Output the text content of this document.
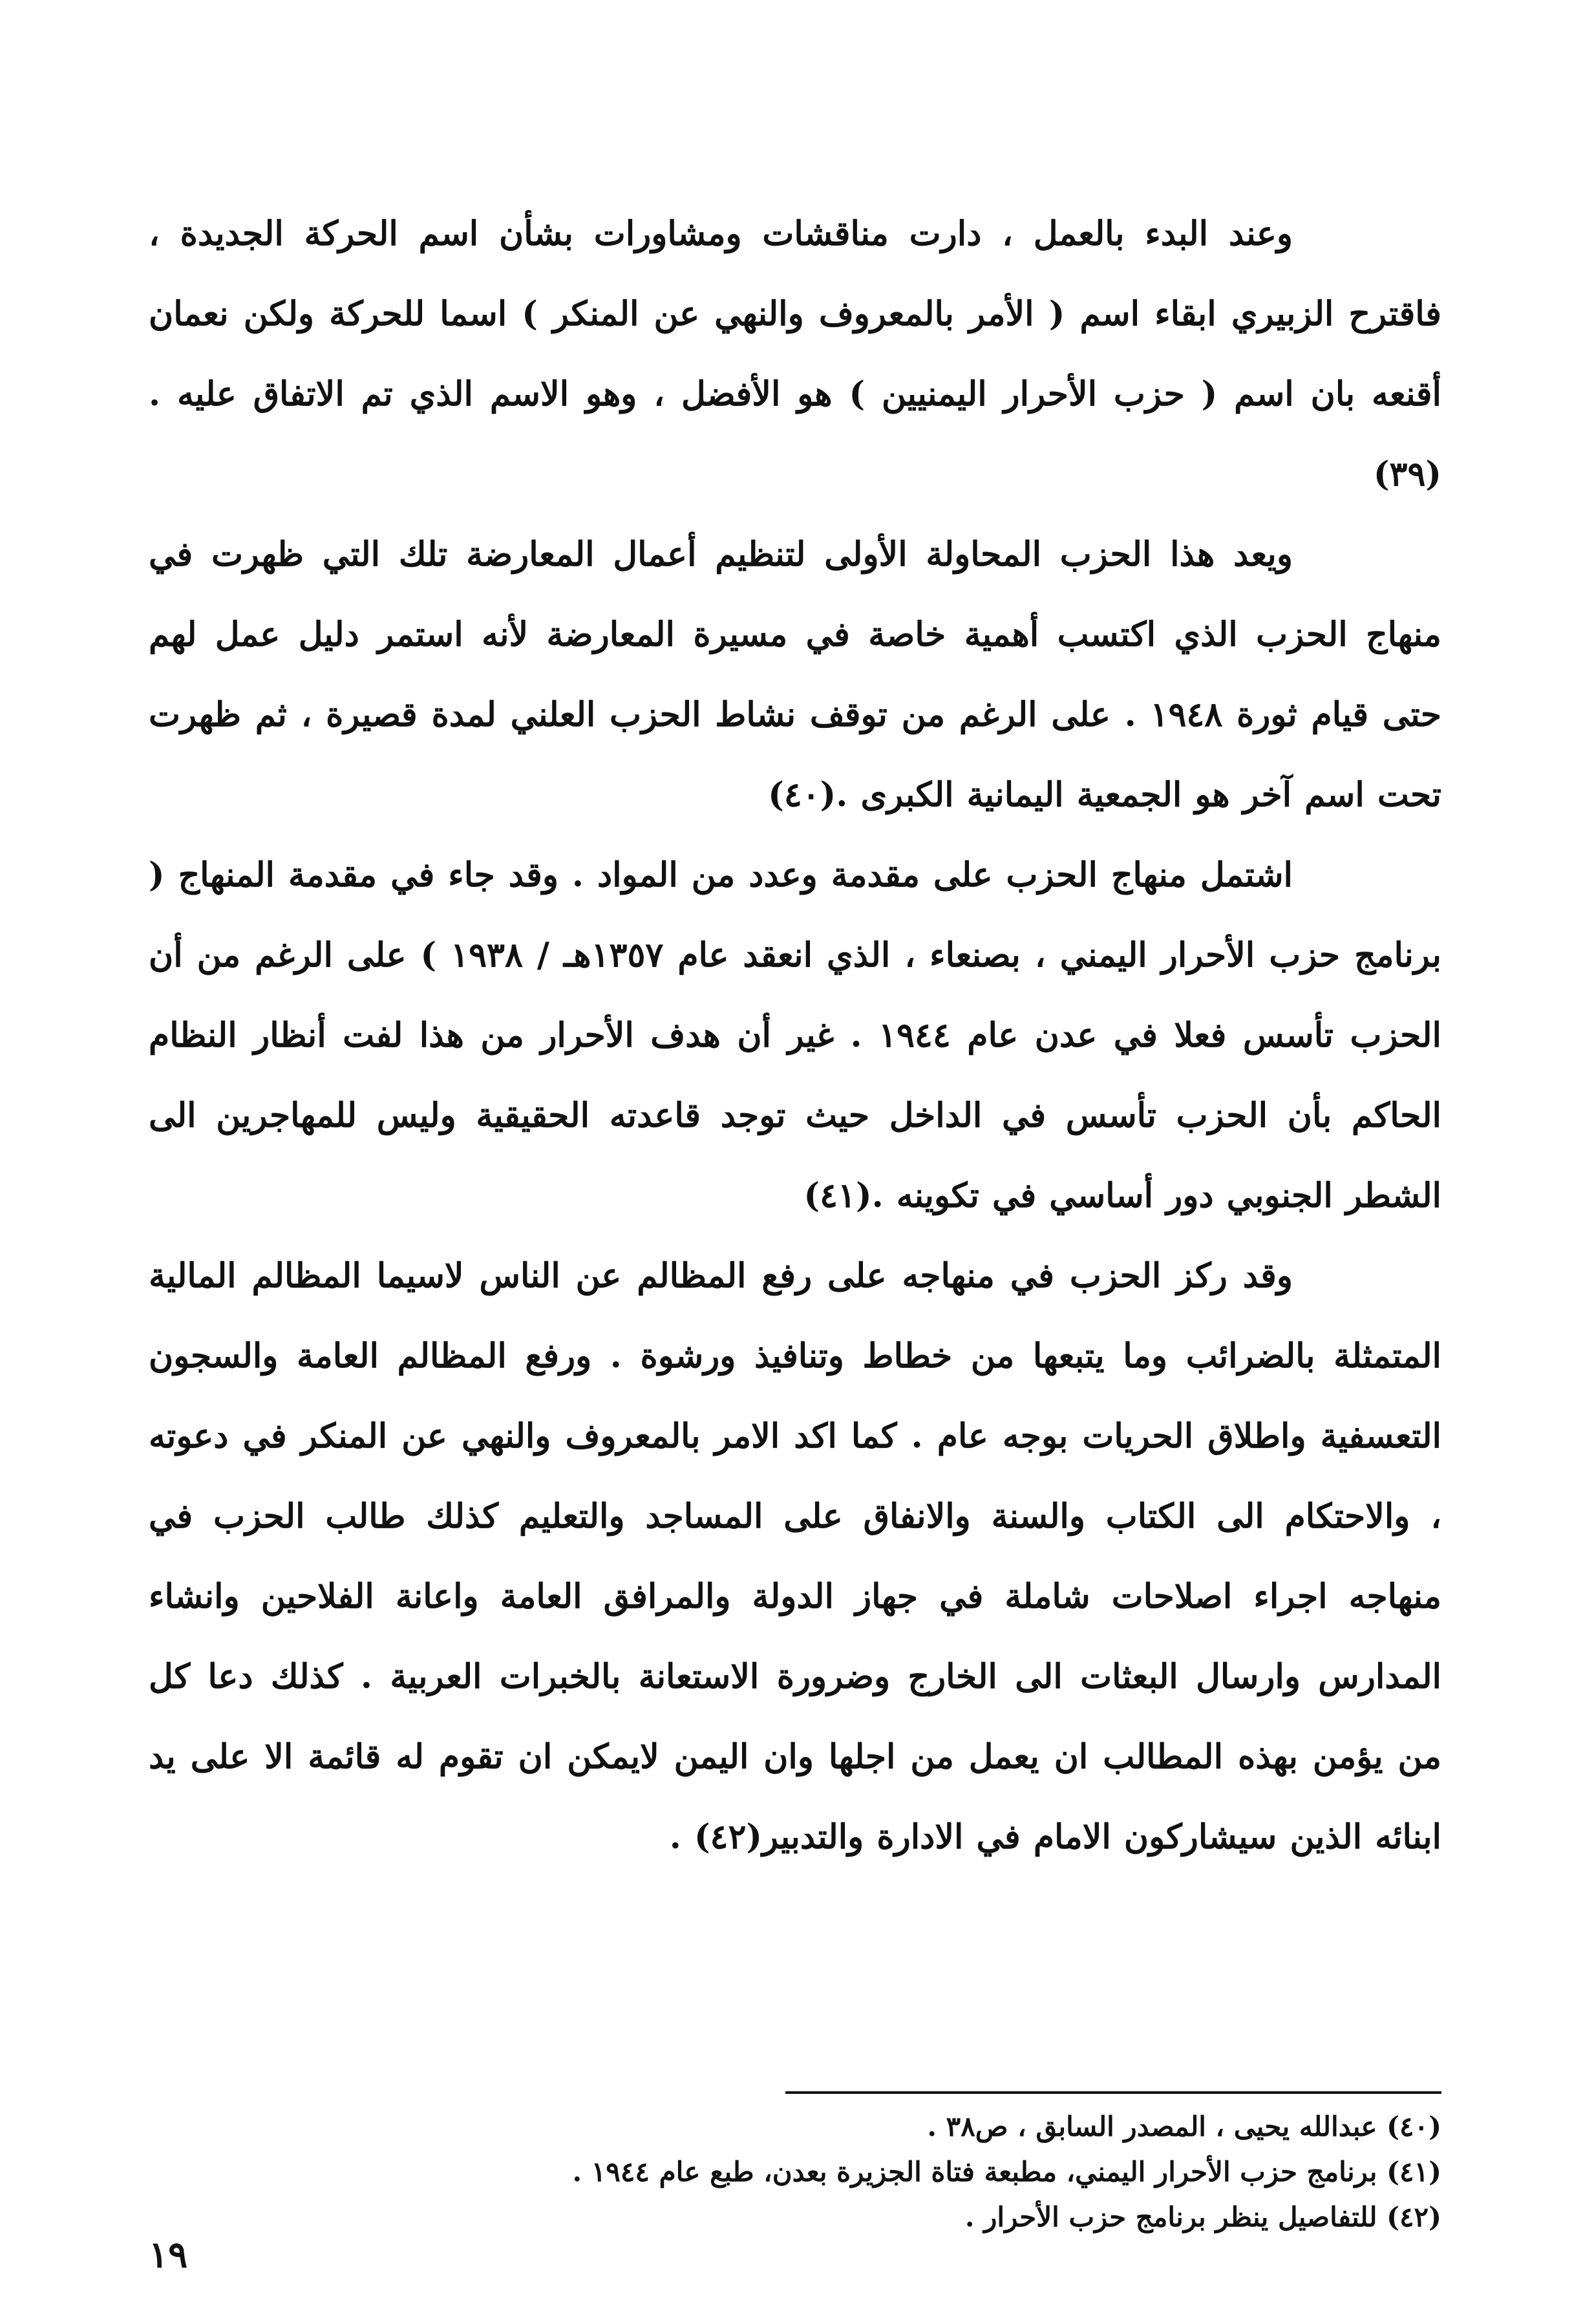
وعند البدء بالعمل ، دارت مناقشات ومشاورات بشأن اسم الحركة الجديدة ، فاقترح الزبيري ابقاء اسم ( الأمر بالمعروف والنهي عن المنكر ) اسما للحركة ولكن نعمان أقنعه بان اسم ( حزب الأحرار اليمنيين ) هو الأفضل ، وهو الاسم الذي تم الاتفاق عليه .(٣٩)

ويعد هذا الحزب المحاولة الأولى لتنظيم أعمال المعارضة تلك التي ظهرت في منهاج الحزب الذي اكتسب أهمية خاصة في مسيرة المعارضة لأنه استمر دليل عمل لهم حتى قيام ثورة ١٩٤٨ . على الرغم من توقف نشاط الحزب العلني لمدة قصيرة ، ثم ظهرت تحت اسم آخر هو الجمعية اليمانية الكبرى .(٤٠)

اشتمل منهاج الحزب على مقدمة وعدد من المواد . وقد جاء في مقدمة المنهاج ( برنامج حزب الأحرار اليمني ، بصنعاء ، الذي انعقد عام ١٣٥٧هـ / ١٩٣٨ ) على الرغم من أن الحزب تأسس فعلا في عدن عام ١٩٤٤ . غير أن هدف الأحرار من هذا لفت أنظار النظام الحاكم بأن الحزب تأسس في الداخل حيث توجد قاعدته الحقيقية وليس للمهاجرين الى الشطر الجنوبي دور أساسي في تكوينه .(٤١)

وقد ركز الحزب في منهاجه على رفع المظالم عن الناس لاسيما المظالم المالية المتمثلة بالضرائب وما يتبعها من خطاط وتنافيذ ورشوة . ورفع المظالم العامة والسجون التعسفية واطلاق الحريات بوجه عام . كما اكد الامر بالمعروف والنهي عن المنكر في دعوته ، والاحتكام الى الكتاب والسنة والانفاق على المساجد والتعليم كذلك طالب الحزب في منهاجه اجراء اصلاحات شاملة في جهاز الدولة والمرافق العامة واعانة الفلاحين وانشاء المدارس وارسال البعثات الى الخارج وضرورة الاستعانة بالخبرات العربية . كذلك دعا كل من يؤمن بهذه المطالب ان يعمل من اجلها وان اليمن لايمكن ان تقوم له قائمة الا على يد ابنائه الذين سيشاركون الامام في الادارة والتدبير(٤٢) .

(٤٠) عبدالله يحيى ، المصدر السابق ، ص٣٨ .

(٤١) برنامج حزب الأحرار اليمني، مطبعة فتاة الجزيرة بعدن، طبع عام ١٩٤٤ .

(٤٢) للتفاصيل ينظر برنامج حزب الأحرار .

١٩
